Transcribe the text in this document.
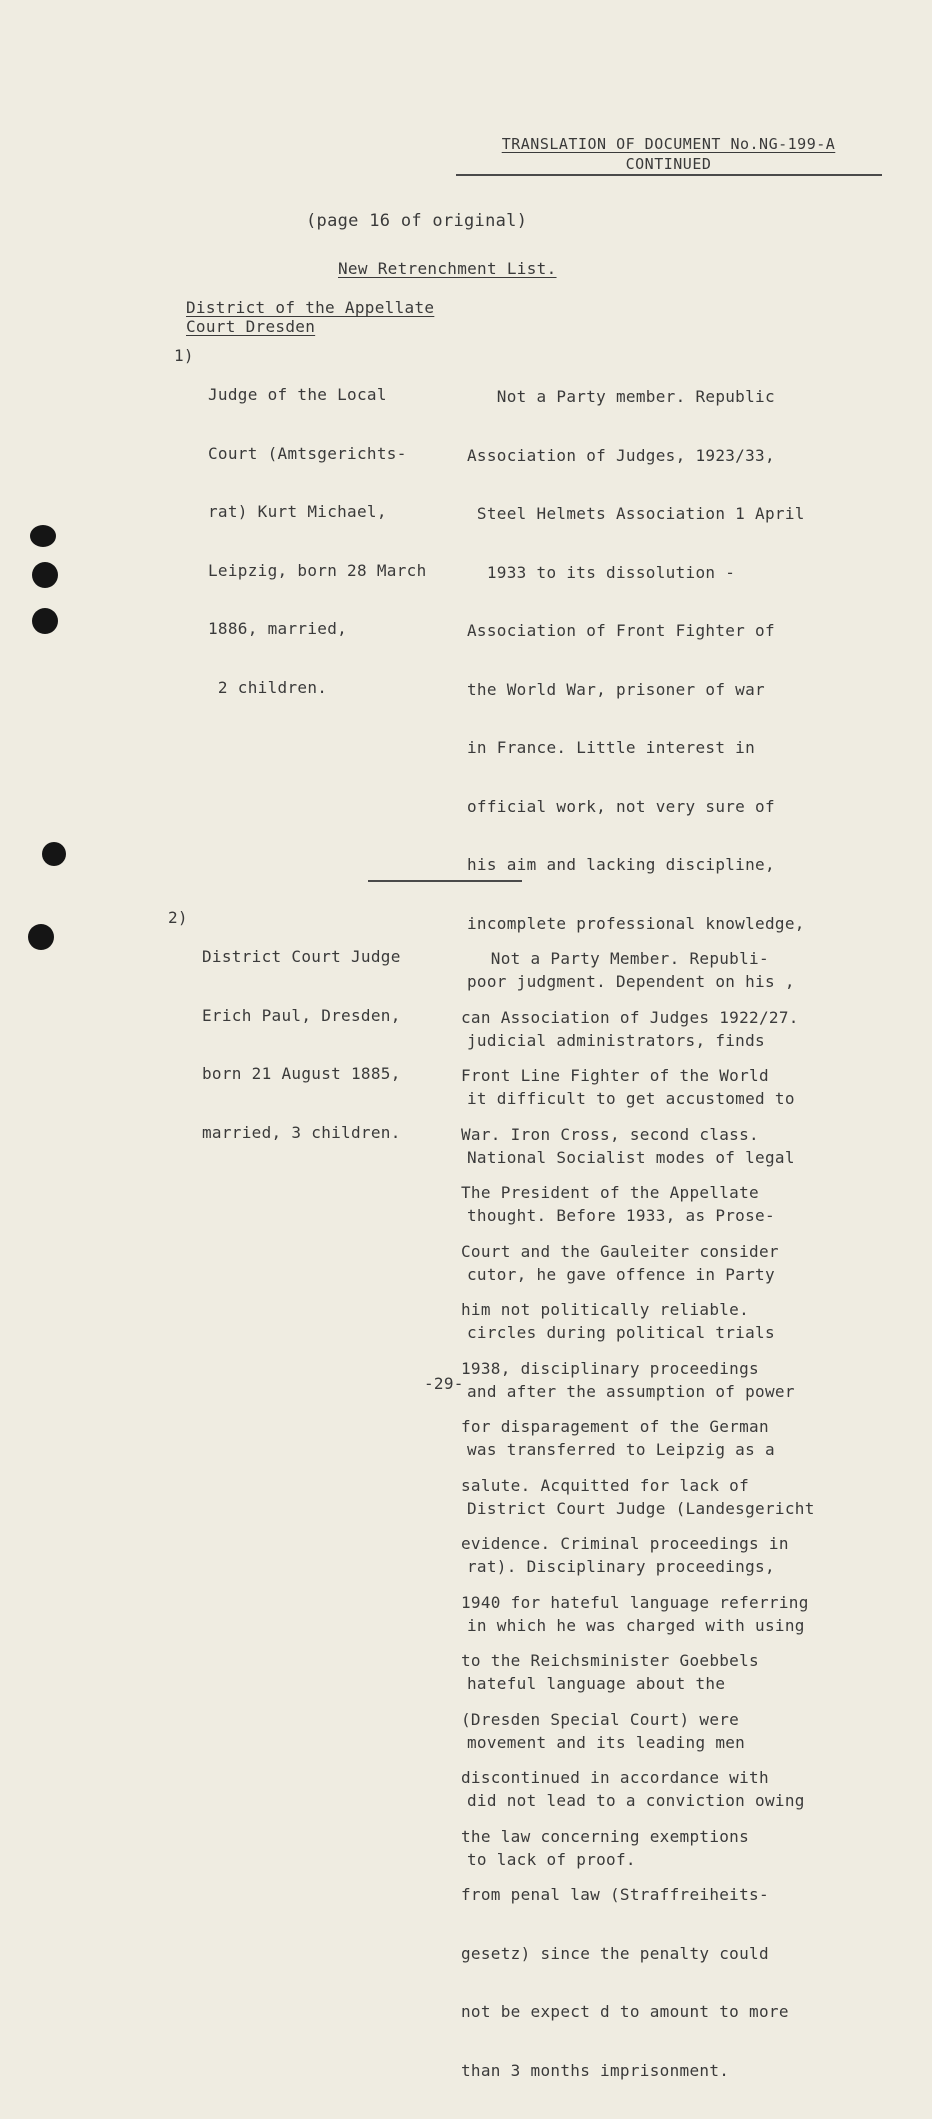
TRANSLATION OF DOCUMENT No.NG-199-A
CONTINUED
(page 16 of original)
New Retrenchment List.
District of the Appellate
Court Dresden
1)

Judge of the Local

Court (Amtsgerichts-

rat) Kurt Michael,

Leipzig, born 28 March

1886, married,

2 children.

Not a Party member. Republic

Association of Judges, 1923/33,

Steel Helmets Association 1 April

1933 to its dissolution -

Association of Front Fighter of

the World War, prisoner of war

in France. Little interest in

official work, not very sure of

his aim and lacking discipline,

incomplete professional knowledge,

poor judgment. Dependent on his ,

judicial administrators, finds

it difficult to get accustomed to

National Socialist modes of legal

thought. Before 1933, as Prose-

cutor, he gave offence in Party

circles during political trials

and after the assumption of power

was transferred to Leipzig as a

District Court Judge (Landesgericht

rat). Disciplinary proceedings,

in which he was charged with using

hateful language about the

movement and its leading men

did not lead to a conviction owing

to lack of proof.

2)

District Court Judge

Erich Paul, Dresden,

born 21 August 1885,

married, 3 children.

Not a Party Member. Republi-

can Association of Judges 1922/27.

Front Line Fighter of the World

War. Iron Cross, second class.

The President of the Appellate

Court and the Gauleiter consider

him not politically reliable.

1938, disciplinary proceedings

for disparagement of the German

salute. Acquitted for lack of

evidence. Criminal proceedings in

1940 for hateful language referring

to the Reichsminister Goebbels

(Dresden Special Court) were

discontinued in accordance with

the law concerning exemptions

from penal law (Straffreiheits-

gesetz) since the penalty could

not be expect d to amount to more

than 3 months imprisonment.

-29-
